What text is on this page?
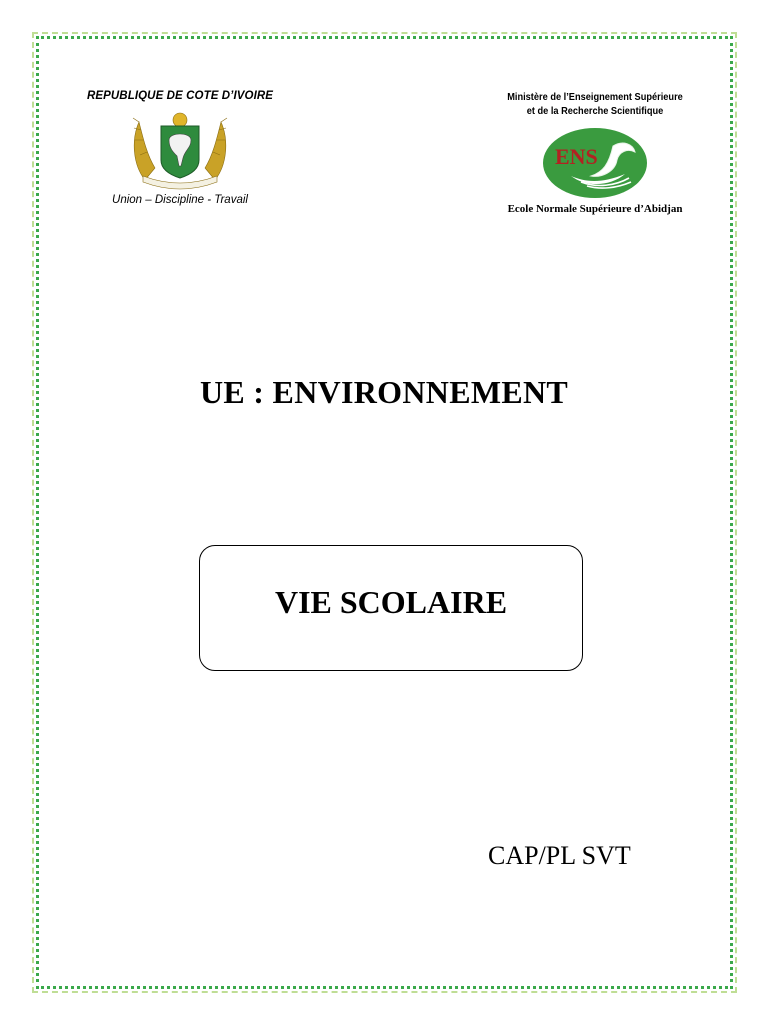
REPUBLIQUE DE COTE D’IVOIRE
Union – Discipline - Travail
Ministère de l’Enseignement Supérieure
et de la Recherche Scientifique
ENS
Ecole Normale Supérieure d’Abidjan
UE : ENVIRONNEMENT
VIE SCOLAIRE
CAP/PL SVT
